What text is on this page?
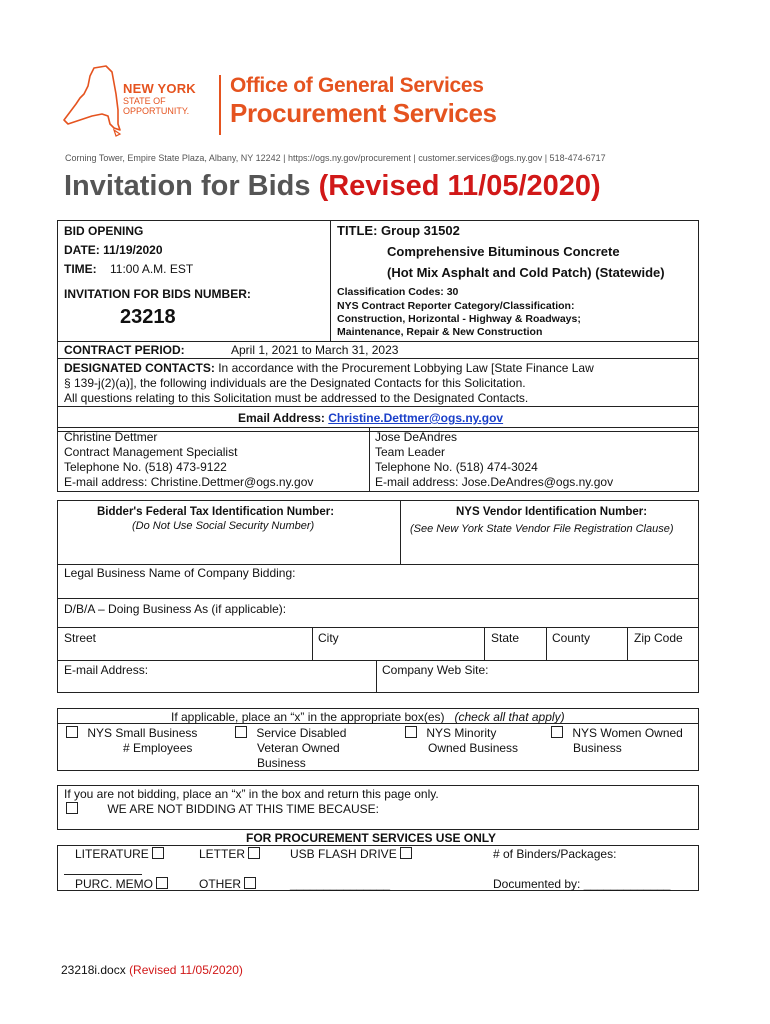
NEW YORK
STATE OF
OPPORTUNITY.
Office of General Services
Procurement Services
Corning Tower, Empire State Plaza, Albany, NY 12242 | https://ogs.ny.gov/procurement | customer.services@ogs.ny.gov | 518-474-6717
Invitation for Bids (Revised 11/05/2020)
BID OPENING
DATE: 11/19/2020
TIME: 11:00 A.M. EST
INVITATION FOR BIDS NUMBER:
23218
TITLE: Group 31502
Comprehensive Bituminous Concrete
(Hot Mix Asphalt and Cold Patch) (Statewide)
Classification Codes: 30
NYS Contract Reporter Category/Classification:
Construction, Horizontal - Highway & Roadways;
Maintenance, Repair & New Construction
CONTRACT PERIOD:	April 1, 2021 to March 31, 2023
DESIGNATED CONTACTS: In accordance with the Procurement Lobbying Law [State Finance Law
§ 139-j(2)(a)], the following individuals are the Designated Contacts for this Solicitation.
All questions relating to this Solicitation must be addressed to the Designated Contacts.
Email Address: Christine.Dettmer@ogs.ny.gov
Christine Dettmer
Contract Management Specialist
Telephone No. (518) 473-9122
E-mail address: Christine.Dettmer@ogs.ny.gov
Jose DeAndres
Team Leader
Telephone No. (518) 474-3024
E-mail address: Jose.DeAndres@ogs.ny.gov
Bidder's Federal Tax Identification Number:
(Do Not Use Social Security Number)
NYS Vendor Identification Number:
(See New York State Vendor File Registration Clause)
Legal Business Name of Company Bidding:
D/B/A – Doing Business As (if applicable):
Street	City	State	County	Zip Code
E-mail Address:	Company Web Site:
If applicable, place an “x” in the appropriate box(es) (check all that apply)
NYS Small Business
# Employees
Service Disabled
Veteran Owned
Business
NYS Minority
Owned Business
NYS Women Owned
Business
If you are not bidding, place an “x” in the box and return this page only.
WE ARE NOT BIDDING AT THIS TIME BECAUSE:
FOR PROCUREMENT SERVICES USE ONLY
LITERATURE	LETTER	USB FLASH DRIVE	# of Binders/Packages:
PURC. MEMO	OTHER	_______________	Documented by: _____________
23218i.docx (Revised 11/05/2020)
